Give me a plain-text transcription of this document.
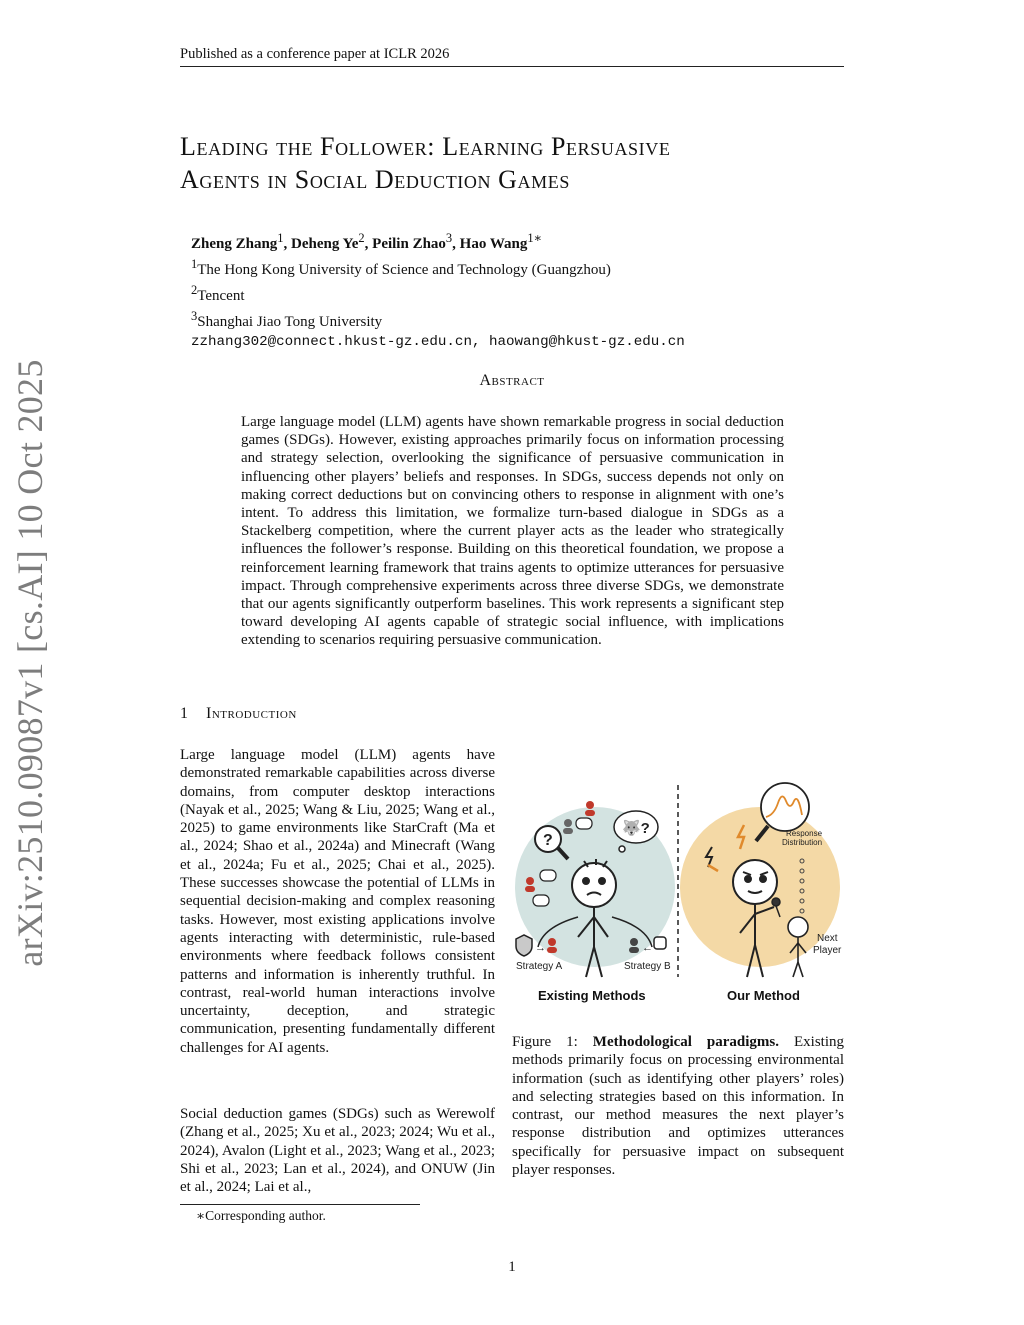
Published as a conference paper at ICLR 2026
Leading the Follower: Learning Persuasive
Agents in Social Deduction Games
Zheng Zhang$^1$, Deheng Ye$^2$, Peilin Zhao$^3$, Hao Wang$^{1∗}$
$^1$The Hong Kong University of Science and Technology (Guangzhou)
$^2$Tencent
$^3$Shanghai Jiao Tong University
zzhang302@connect.hkust-gz.edu.cn, haowang@hkust-gz.edu.cn
arXiv:2510.09087v1 [cs.AI] 10 Oct 2025	Abstract
Large language model (LLM) agents have shown remarkable progress in social deduction games (SDGs). However, existing approaches primarily focus on information processing and strategy selection, overlooking the significance of persuasive communication in influencing other players’ beliefs and responses. In SDGs, success depends not only on making correct deductions but on convincing others to response in alignment with one’s intent. To address this limitation, we formalize turn-based dialogue in SDGs as a Stackelberg competition, where the current player acts as the leader who strategically influences the follower’s response. Building on this theoretical foundation, we propose a reinforcement learning framework that trains agents to optimize utterances for persuasive impact. Through comprehensive experiments across three diverse SDGs, we demonstrate that our agents significantly outperform baselines. This work represents a significant step toward developing AI agents capable of strategic social influence, with implications extending to scenarios requiring persuasive communication.
1 Introduction
Large language model (LLM) agents have demonstrated remarkable capabilities across diverse domains, from computer desktop interactions (Nayak et al., 2025; Wang & Liu, 2025; Wang et al., 2025) to game environments like StarCraft (Ma et al., 2024; Shao et al., 2024a) and Minecraft (Wang et al., 2024a; Fu et al., 2025; Chai et al., 2025). These successes showcase the potential of LLMs in sequential decision-making and complex reasoning tasks. However, most existing applications involve agents interacting with deterministic, rule-based environments where feedback follows consistent patterns and information is inherently truthful. In contrast, real-world human interactions involve uncertainty, deception, and strategic communication, presenting fundamentally different challenges for AI agents.
Social deduction games (SDGs) such as Werewolf (Zhang et al., 2025; Xu et al., 2023; 2024; Wu et al., 2024), Avalon (Light et al., 2023; Wang et al., 2023; Shi et al., 2023; Lan et al., 2024), and ONUW (Jin et al., 2024; Lai et al.,
∗Corresponding author.
?
🐺?
→	←
Strategy A	Strategy B
Existing Methods
Response
Distribution
Next
Player
Our Method
Figure 1: Methodological paradigms. Existing methods primarily focus on processing environmental information (such as identifying other players’ roles) and selecting strategies based on this information. In contrast, our method measures the next player’s response distribution and optimizes utterances specifically for persuasive impact on subsequent player responses.
1
